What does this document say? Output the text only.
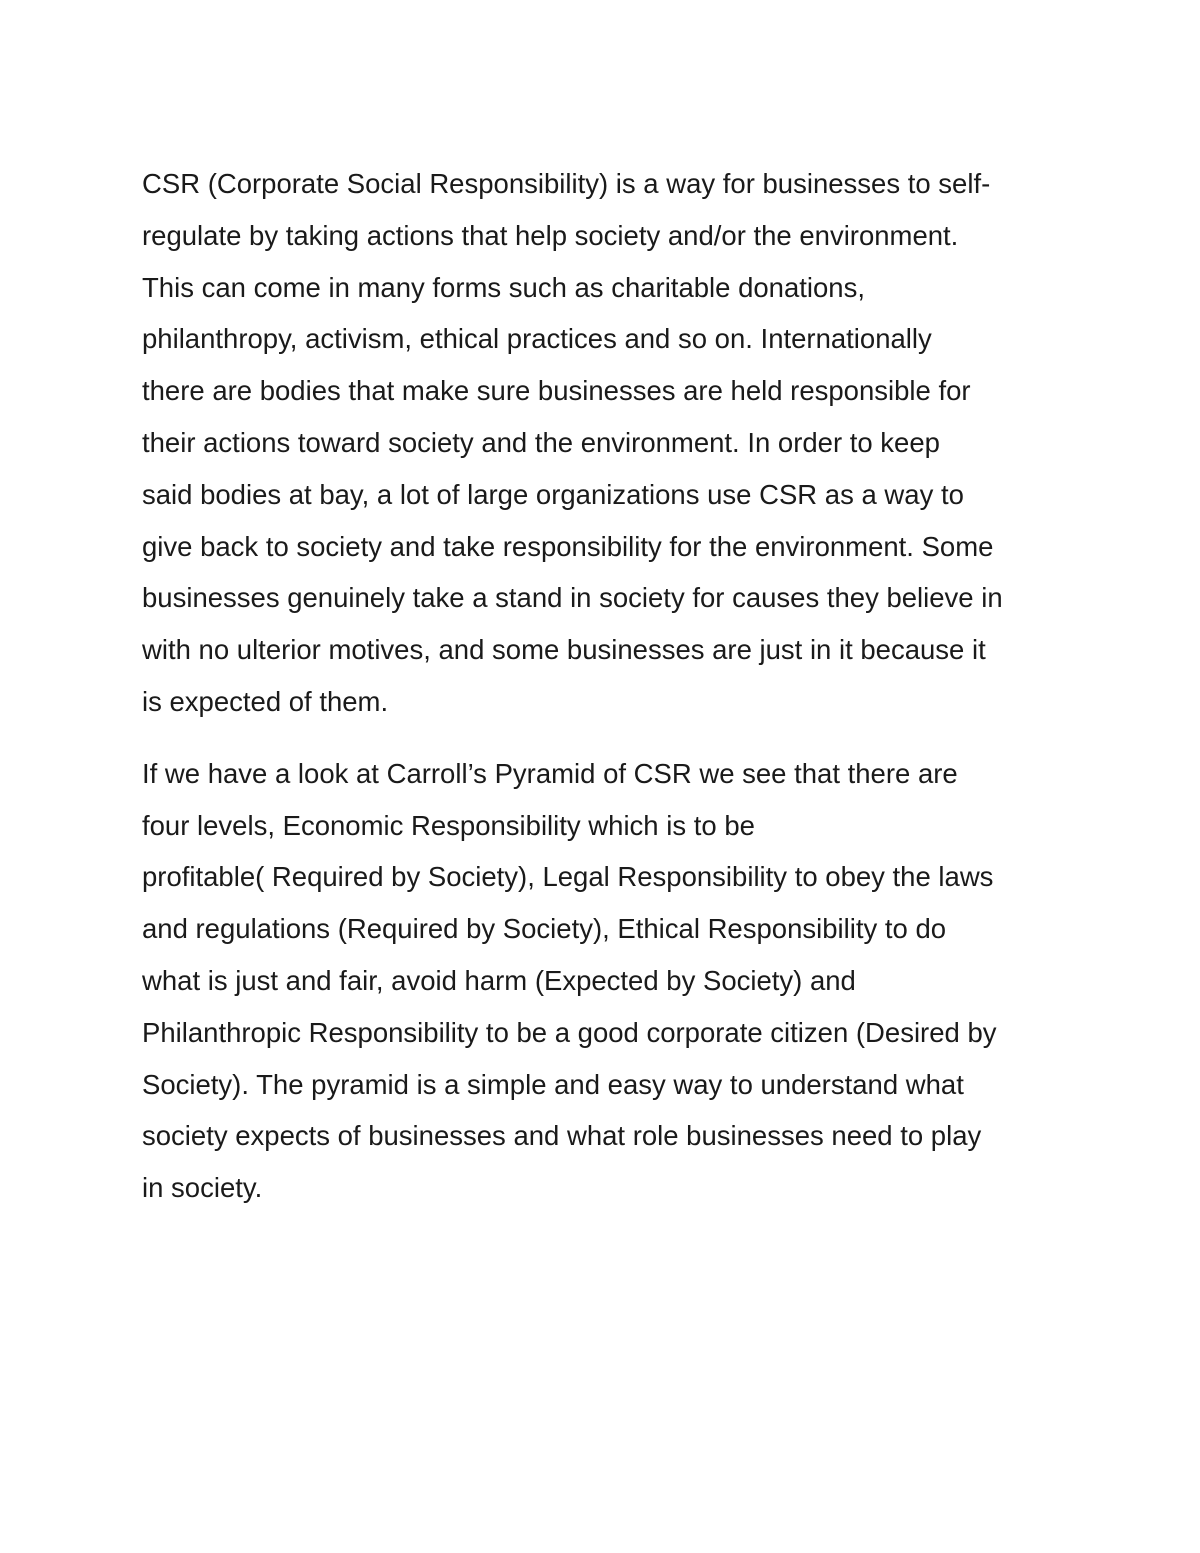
CSR (Corporate Social Responsibility) is a way for businesses to self-
regulate by taking actions that help society and/or the environment.
This can come in many forms such as charitable donations,
philanthropy, activism, ethical practices and so on. Internationally
there are bodies that make sure businesses are held responsible for
their actions toward society and the environment. In order to keep
said bodies at bay, a lot of large organizations use CSR as a way to
give back to society and take responsibility for the environment. Some
businesses genuinely take a stand in society for causes they believe in
with no ulterior motives, and some businesses are just in it because it
is expected of them.

If we have a look at Carroll’s Pyramid of CSR we see that there are
four levels, Economic Responsibility which is to be
profitable( Required by Society), Legal Responsibility to obey the laws
and regulations (Required by Society), Ethical Responsibility to do
what is just and fair, avoid harm (Expected by Society) and
Philanthropic Responsibility to be a good corporate citizen (Desired by
Society). The pyramid is a simple and easy way to understand what
society expects of businesses and what role businesses need to play
in society.
